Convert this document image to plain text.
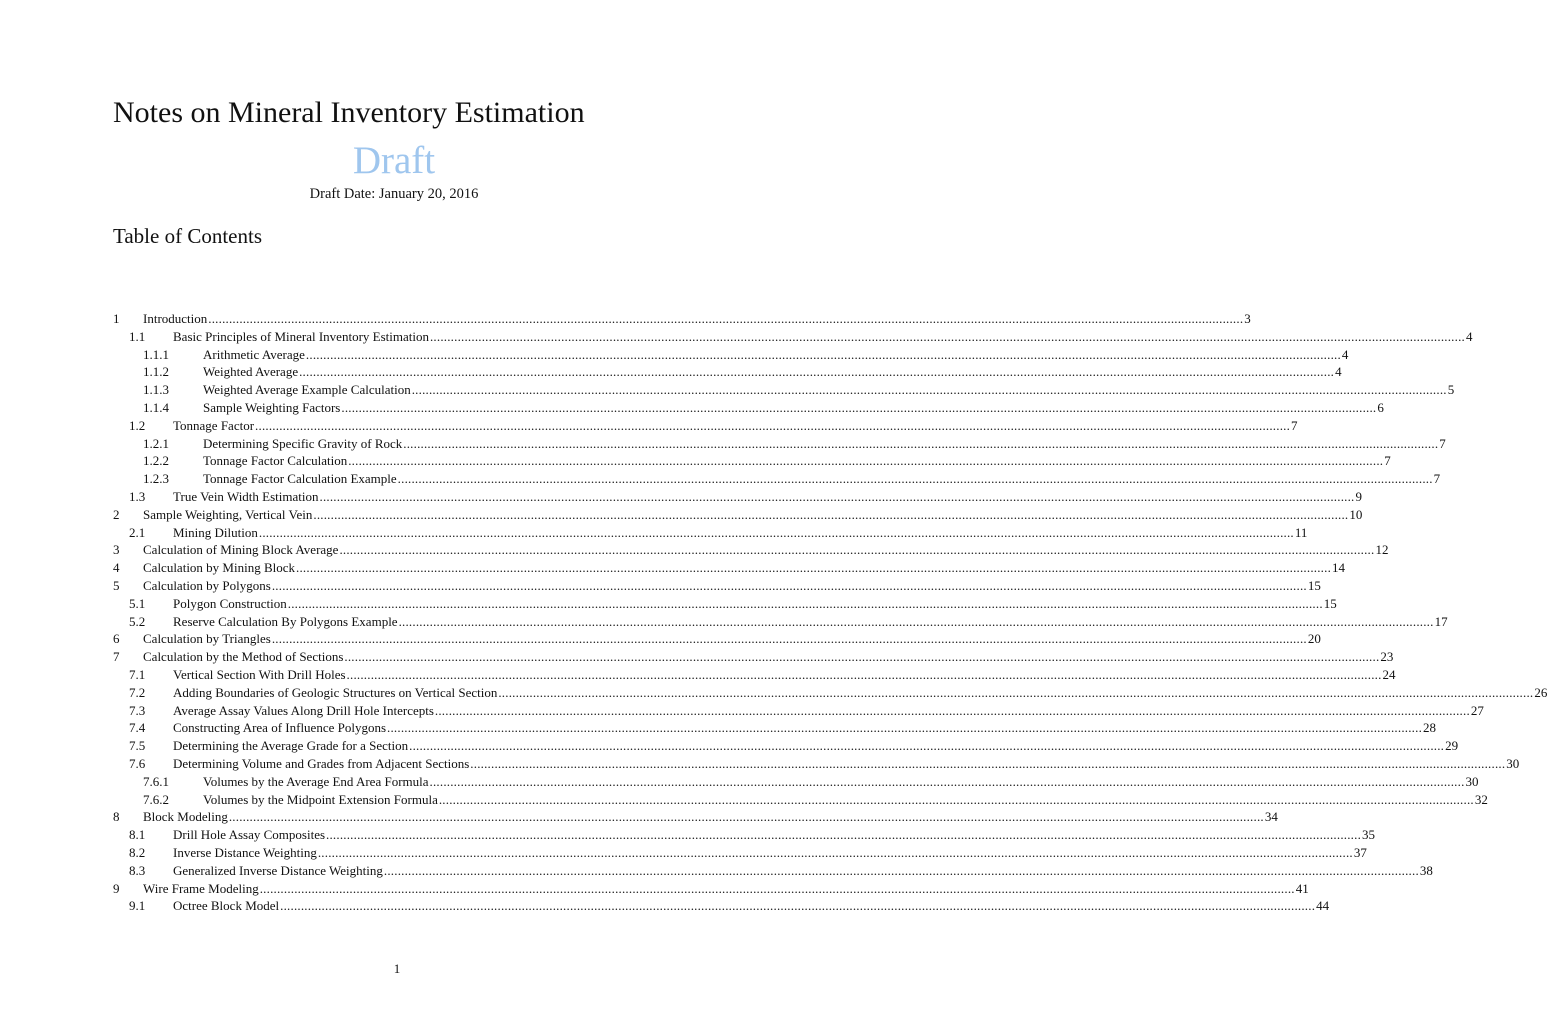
Notes on Mineral Inventory Estimation
Draft
Draft Date: January 20, 2016
Table of Contents
1	Introduction ............................................................................................................................................................................................................................................................................................................ 3
1.1	Basic Principles of Mineral Inventory Estimation ............................................................................................................................................................................................................................................................................................................ 4
1.1.1	Arithmetic Average ............................................................................................................................................................................................................................................................................................................ 4
1.1.2	Weighted Average ............................................................................................................................................................................................................................................................................................................ 4
1.1.3	Weighted Average Example Calculation ............................................................................................................................................................................................................................................................................................................ 5
1.1.4	Sample Weighting Factors ............................................................................................................................................................................................................................................................................................................ 6
1.2	Tonnage Factor ............................................................................................................................................................................................................................................................................................................ 7
1.2.1	Determining Specific Gravity of Rock ............................................................................................................................................................................................................................................................................................................ 7
1.2.2	Tonnage Factor Calculation ............................................................................................................................................................................................................................................................................................................ 7
1.2.3	Tonnage Factor Calculation Example ............................................................................................................................................................................................................................................................................................................ 7
1.3	True Vein Width Estimation ............................................................................................................................................................................................................................................................................................................ 9
2	Sample Weighting, Vertical Vein ............................................................................................................................................................................................................................................................................................................ 10
2.1	Mining Dilution ............................................................................................................................................................................................................................................................................................................ 11
3	Calculation of Mining Block Average ............................................................................................................................................................................................................................................................................................................ 12
4	Calculation by Mining Block ............................................................................................................................................................................................................................................................................................................ 14
5	Calculation by Polygons ............................................................................................................................................................................................................................................................................................................ 15
5.1	Polygon Construction ............................................................................................................................................................................................................................................................................................................ 15
5.2	Reserve Calculation By Polygons Example ............................................................................................................................................................................................................................................................................................................ 17
6	Calculation by Triangles ............................................................................................................................................................................................................................................................................................................ 20
7	Calculation by the Method of Sections ............................................................................................................................................................................................................................................................................................................ 23
7.1	Vertical Section With Drill Holes ............................................................................................................................................................................................................................................................................................................ 24
7.2	Adding Boundaries of Geologic Structures on Vertical Section ............................................................................................................................................................................................................................................................................................................ 26
7.3	Average Assay Values Along Drill Hole Intercepts ............................................................................................................................................................................................................................................................................................................ 27
7.4	Constructing Area of Influence Polygons ............................................................................................................................................................................................................................................................................................................ 28
7.5	Determining the Average Grade for a Section ............................................................................................................................................................................................................................................................................................................ 29
7.6	Determining Volume and Grades from Adjacent Sections ............................................................................................................................................................................................................................................................................................................ 30
7.6.1	Volumes by the Average End Area Formula ............................................................................................................................................................................................................................................................................................................ 30
7.6.2	Volumes by the Midpoint Extension Formula ............................................................................................................................................................................................................................................................................................................ 32
8	Block Modeling ............................................................................................................................................................................................................................................................................................................ 34
8.1	Drill Hole Assay Composites ............................................................................................................................................................................................................................................................................................................ 35
8.2	Inverse Distance Weighting ............................................................................................................................................................................................................................................................................................................ 37
8.3	Generalized Inverse Distance Weighting ............................................................................................................................................................................................................................................................................................................ 38
9	Wire Frame Modeling ............................................................................................................................................................................................................................................................................................................ 41
9.1	Octree Block Model ............................................................................................................................................................................................................................................................................................................ 44
1
